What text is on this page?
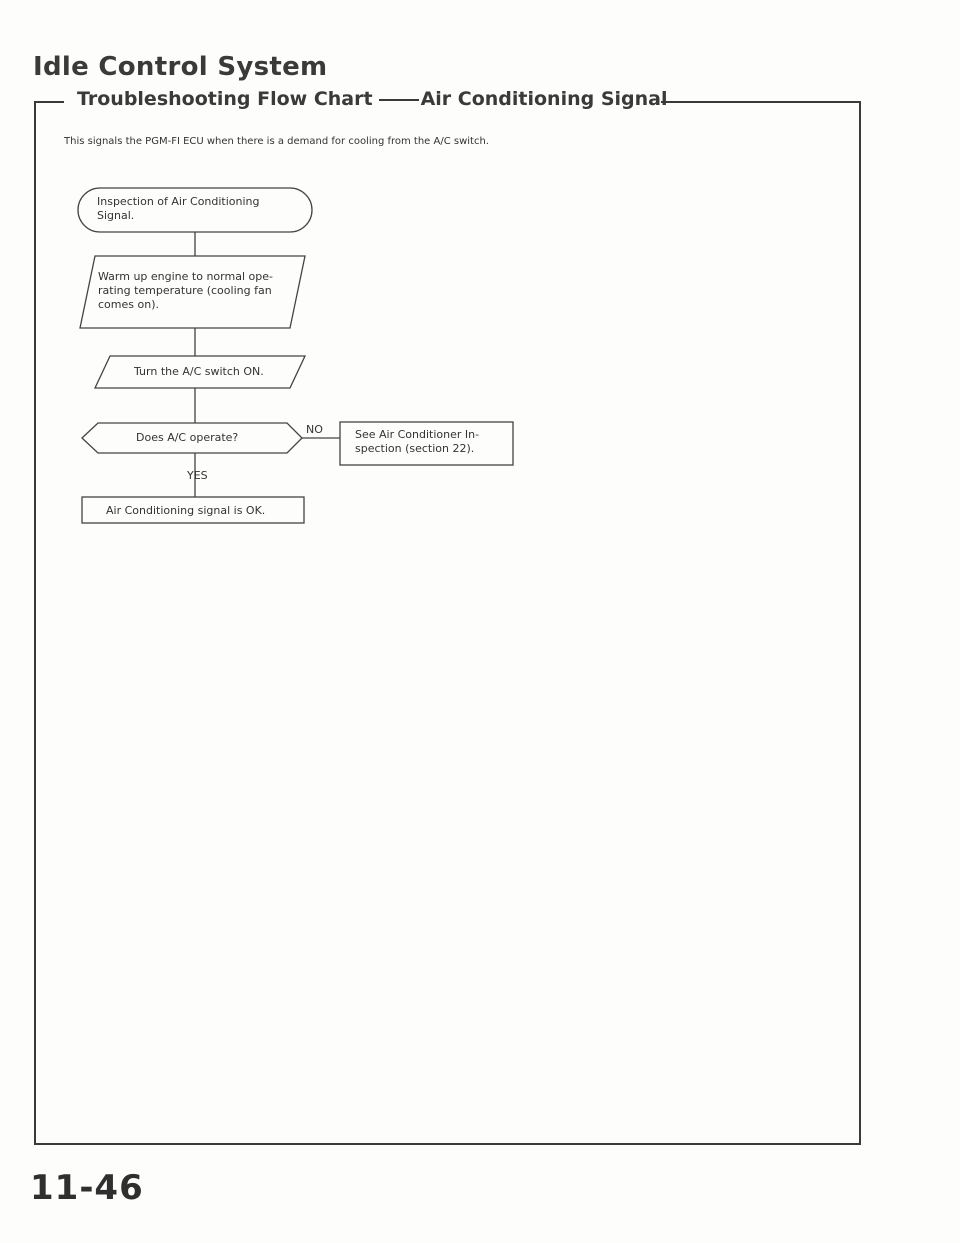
Idle Control System
Troubleshooting Flow Chart	Air Conditioning Signal
This signals the PGM-FI ECU when there is a demand for cooling from the A/C switch.
Inspection of Air Conditioning
Signal.
Warm up engine to normal ope-
rating temperature (cooling fan
comes on).
Turn the A/C switch ON.
Does A/C operate?
NO	See Air Conditioner In-
spection (section 22).
YES
Air Conditioning signal is OK.
11-46
